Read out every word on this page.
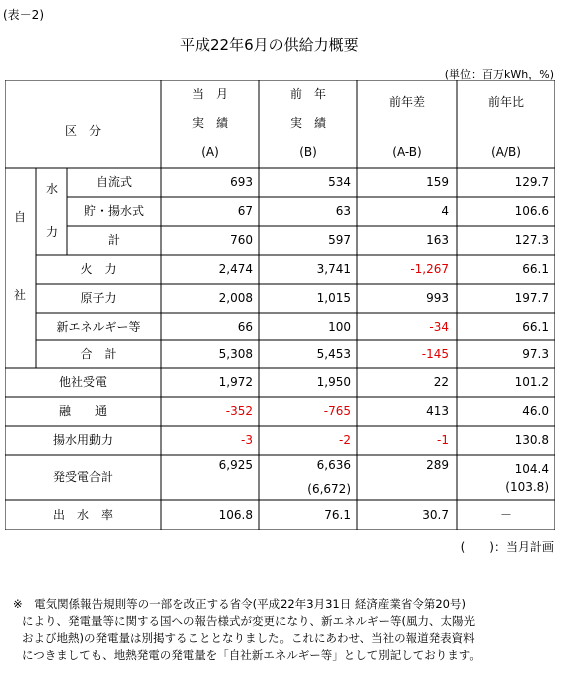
(表－2)
平成22年6月の供給力概要
(単位：百万kWh，%)
区　分
当　月
実　績
(A)
前　年
実　績
(B)
前年差
(A-B)
前年比
(A/B)
自
社
水
力
自流式
貯・揚水式
計
火　力
原子力
新エネルギー等
合　計
他社受電
融　　通
揚水用動力
発受電合計
出　水　率
693
67
760
2,474
2,008
66
5,308
1,972
-352
-3
6,925
106.8
534
63
597
3,741
1,015
100
5,453
1,950
-765
-2
6,636
(6,672)
76.1
159
4
163
-1,267
993
-34
-145
22
413
-1
289
30.7
129.7
106.6
127.3
66.1
197.7
66.1
97.3
101.2
46.0
130.8
104.4
(103.8)
－
(　　)：当月計画
※　電気関係報告規則等の一部を改正する省令(平成22年3月31日 経済産業省令第20号)
により、発電量等に関する国への報告様式が変更になり、新エネルギー等(風力、太陽光
および地熱)の発電量は別掲することとなりました。これにあわせ、当社の報道発表資料
につきましても、地熱発電の発電量を「自社新エネルギー等」として別記しております。
